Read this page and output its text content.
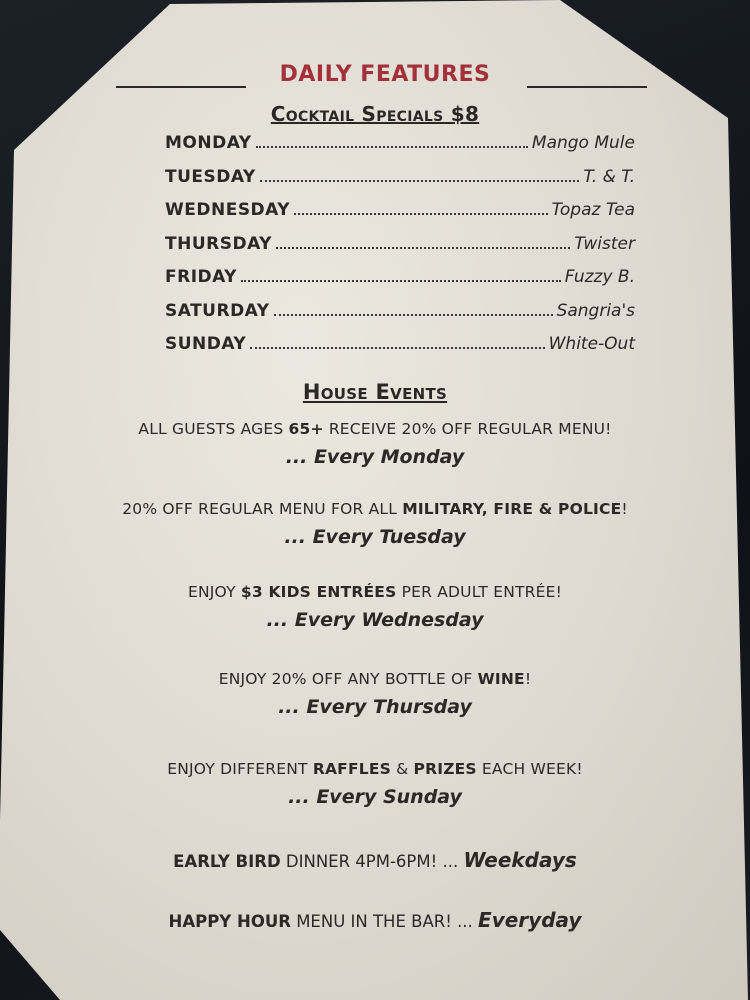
DAILY FEATURES
Cocktail Specials $8
MONDAY	Mango Mule
TUESDAY	T. & T.
WEDNESDAY	Topaz Tea
THURSDAY	Twister
FRIDAY	Fuzzy B.
SATURDAY	Sangria's
SUNDAY	White-Out
House Events
ALL GUESTS AGES 65+ RECEIVE 20% OFF REGULAR MENU!
... Every Monday
20% OFF REGULAR MENU FOR ALL MILITARY, FIRE & POLICE!
... Every Tuesday
ENJOY $3 KIDS ENTRÉES PER ADULT ENTRÉE!
... Every Wednesday
ENJOY 20% OFF ANY BOTTLE OF WINE!
... Every Thursday
ENJOY DIFFERENT RAFFLES & PRIZES EACH WEEK!
... Every Sunday
EARLY BIRD DINNER 4PM-6PM! ... Weekdays
HAPPY HOUR MENU IN THE BAR! ... Everyday
